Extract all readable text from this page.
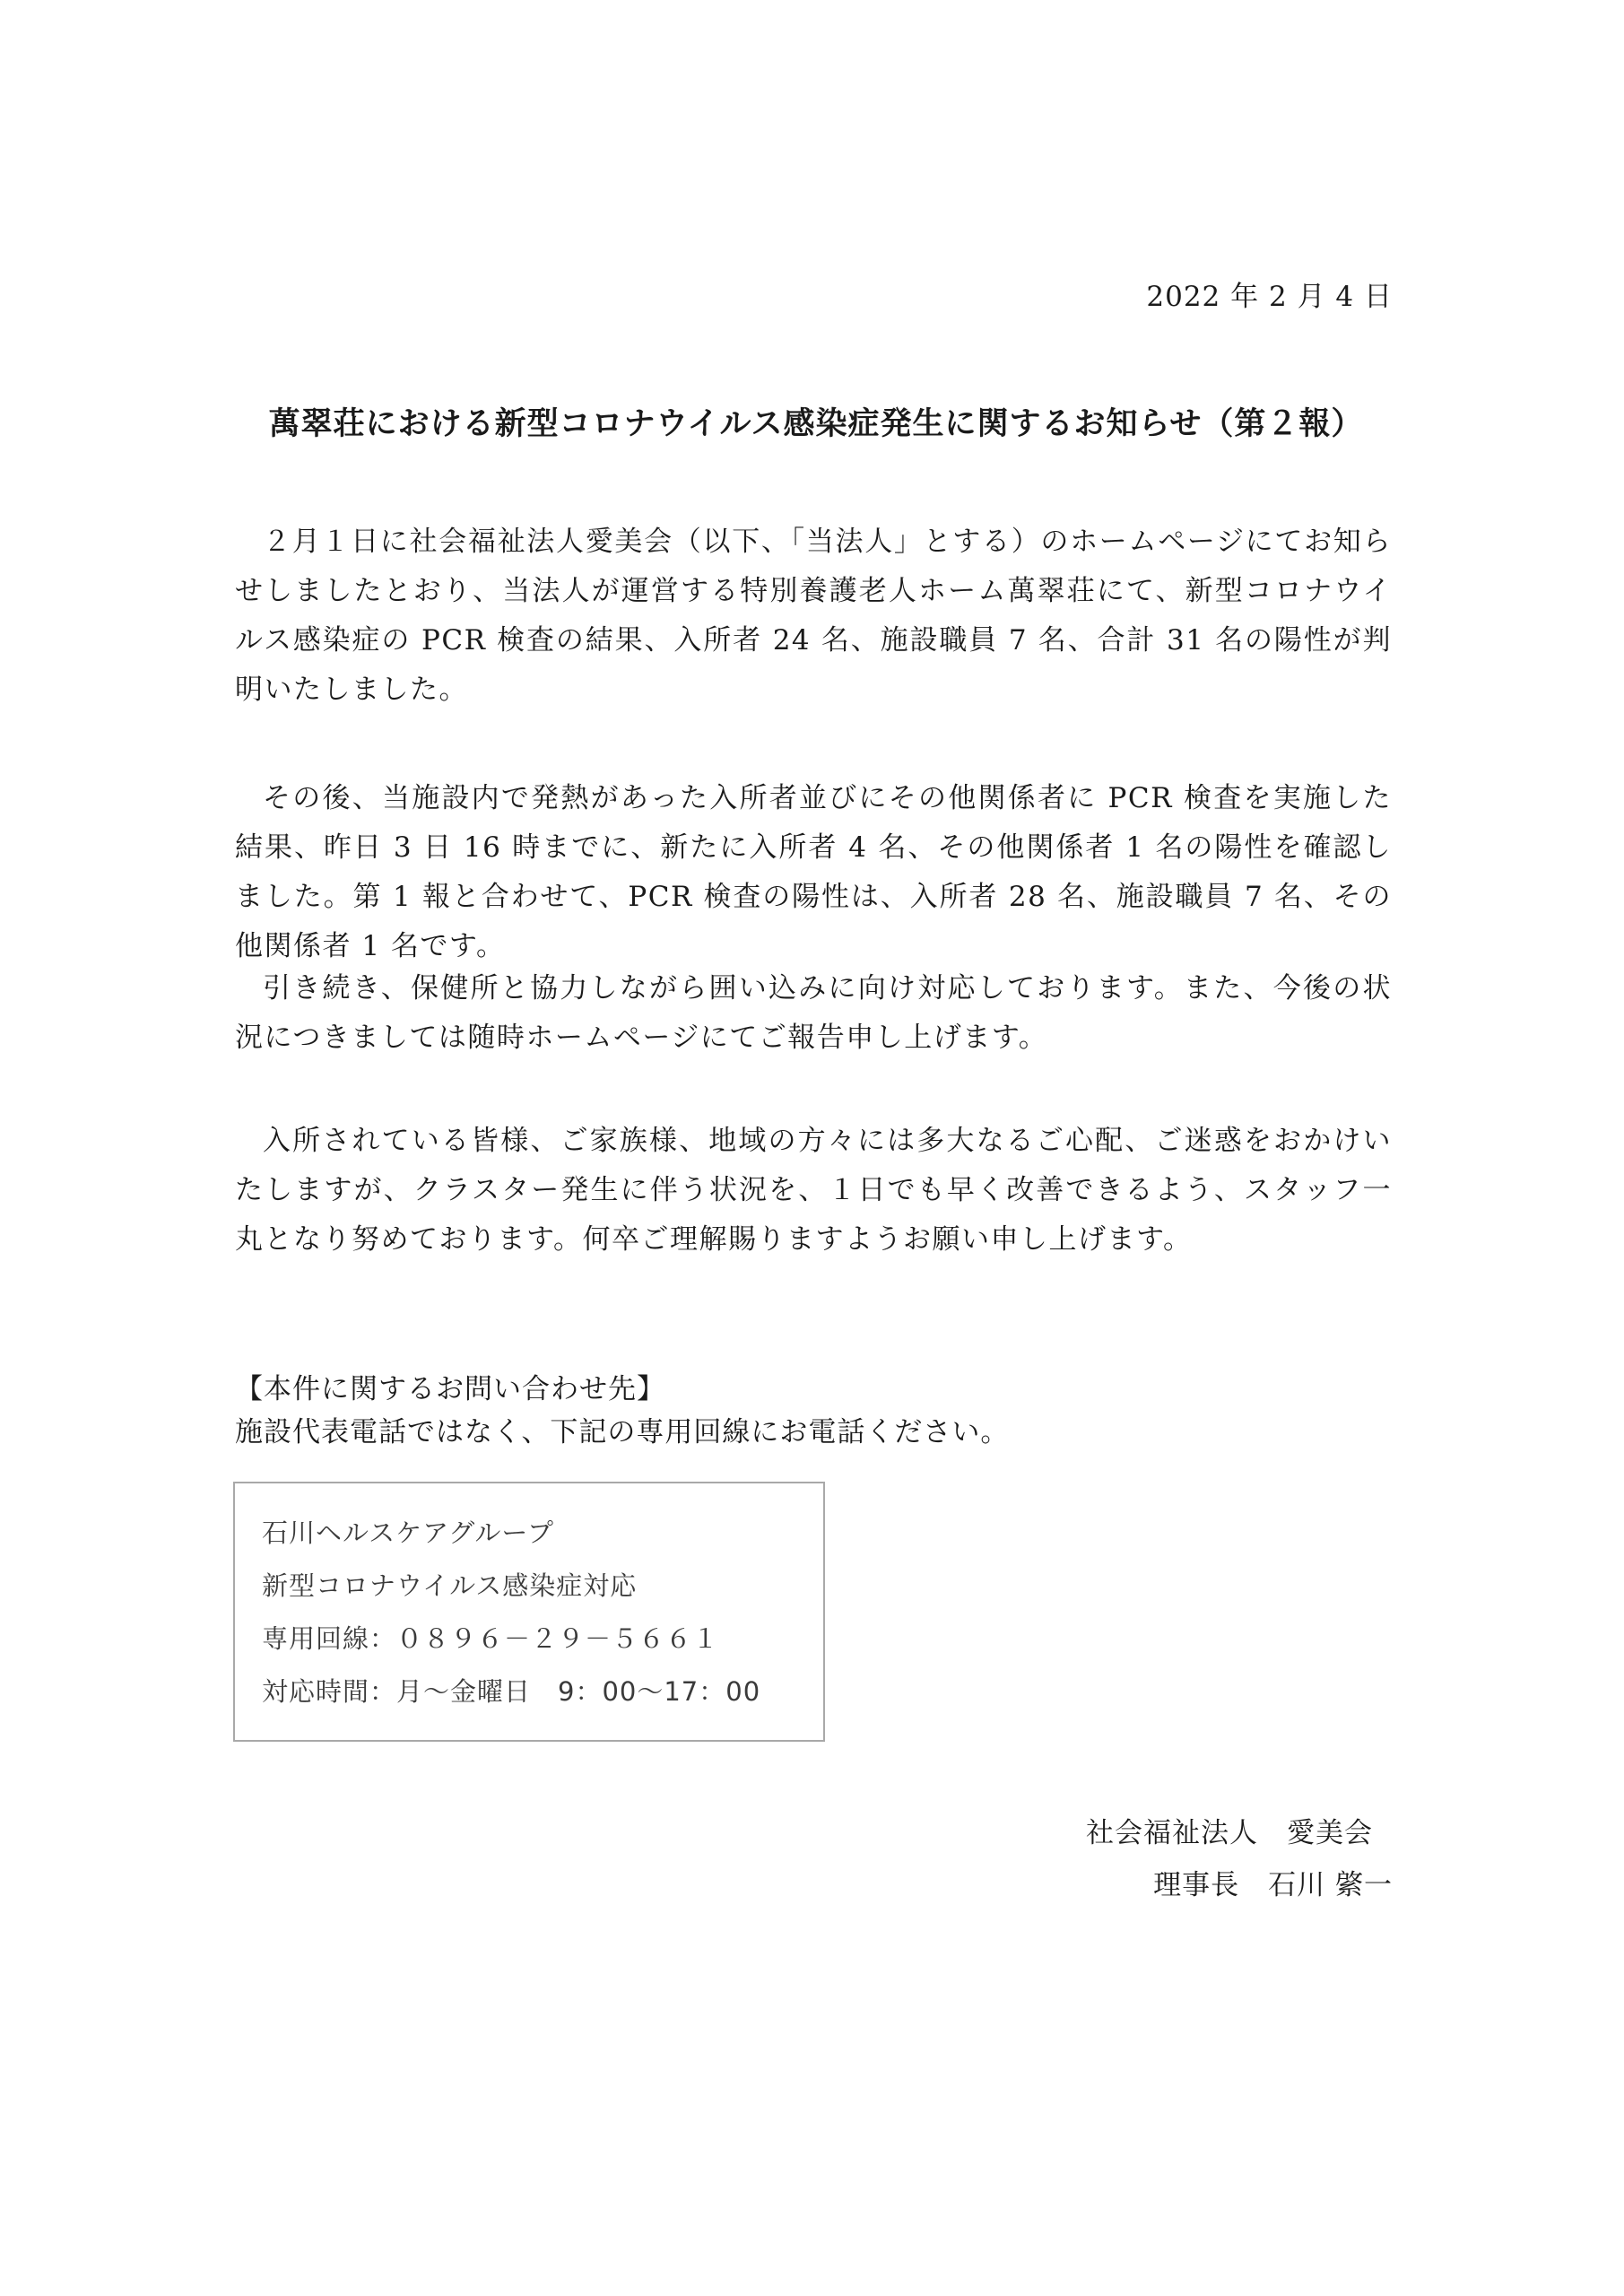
2022 年 2 月 4 日
萬翠荘における新型コロナウイルス感染症発生に関するお知らせ（第２報）

２月１日に社会福祉法人愛美会（以下、「当法人」とする）のホームページにてお知らせしましたとおり、当法人が運営する特別養護老人ホーム萬翠荘にて、新型コロナウイルス感染症の PCR 検査の結果、入所者 24 名、施設職員 7 名、合計 31 名の陽性が判明いたしました。

その後、当施設内で発熱があった入所者並びにその他関係者に PCR 検査を実施した結果、昨日 3 日 16 時までに、新たに入所者 4 名、その他関係者 1 名の陽性を確認しました。第 1 報と合わせて、PCR 検査の陽性は、入所者 28 名、施設職員 7 名、その他関係者 1 名です。

引き続き、保健所と協力しながら囲い込みに向け対応しております。また、今後の状況につきましては随時ホームページにてご報告申し上げます。

入所されている皆様、ご家族様、地域の方々には多大なるご心配、ご迷惑をおかけいたしますが、クラスター発生に伴う状況を、１日でも早く改善できるよう、スタッフ一丸となり努めております。何卒ご理解賜りますようお願い申し上げます。

【本件に関するお問い合わせ先】
施設代表電話ではなく、下記の専用回線にお電話ください。
石川ヘルスケアグループ
新型コロナウイルス感染症対応
専用回線：０８９６－２９－５６６１
対応時間：月～金曜日　9：00～17：00
社会福祉法人　愛美会
理事長　石川 綮一
